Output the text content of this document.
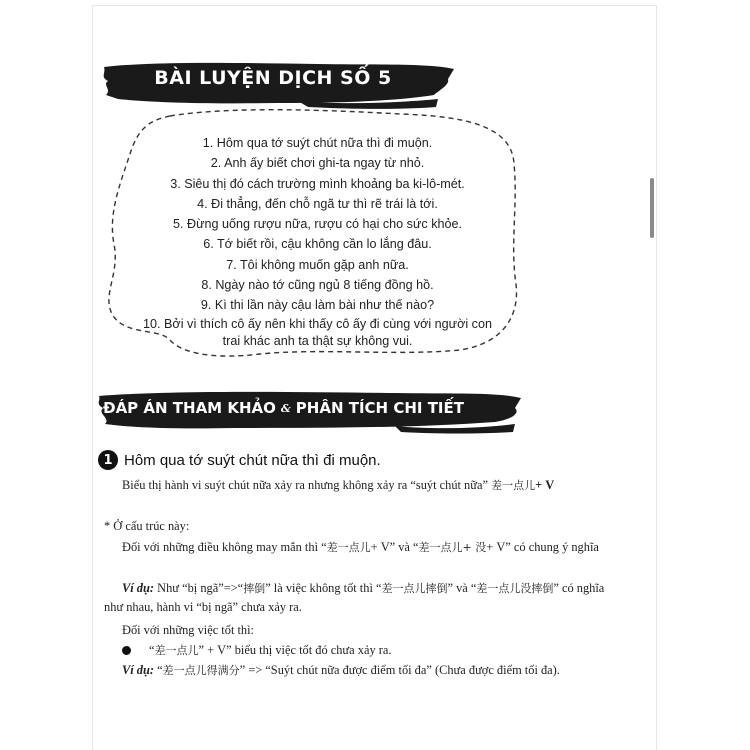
BÀI LUYỆN DỊCH SỐ 5
1. Hôm qua tớ suýt chút nữa thì đi muộn.
2. Anh ấy biết chơi ghi-ta ngay từ nhỏ.
3. Siêu thị đó cách trường mình khoảng ba ki-lô-mét.
4. Đi thẳng, đến chỗ ngã tư thì rẽ trái là tới.
5. Đừng uống rượu nữa, rượu có hại cho sức khỏe.
6. Tớ biết rồi, cậu không cần lo lắng đâu.
7. Tôi không muốn gặp anh nữa.
8. Ngày nào tớ cũng ngủ 8 tiếng đồng hồ.
9. Kì thi lần này cậu làm bài như thế nào?
10. Bởi vì thích cô ấy nên khi thấy cô ấy đi cùng với người con trai khác anh ta thật sự không vui.
ĐÁP ÁN THAM KHẢO & PHÂN TÍCH CHI TIẾT
1 Hôm qua tớ suýt chút nữa thì đi muộn.
Biểu thị hành vi suýt chút nữa xảy ra nhưng không xảy ra “suýt chút nữa” 差一点儿+ V
* Ở cấu trúc này:
Đối với những điều không may mắn thì “差一点儿+ V” và “差一点儿+ 没+ V” có chung ý nghĩa
Ví dụ: Như “bị ngã”=>“摔倒” là việc không tốt thì “差一点儿摔倒” và “差一点儿没摔倒” có nghĩa như nhau, hành vi “bị ngã” chưa xảy ra.
Đối với những việc tốt thì:
“差一点儿” + V” biểu thị việc tốt đó chưa xảy ra.
Ví dụ: “差一点儿得满分” => “Suýt chút nữa được điểm tối đa” (Chưa được điểm tối đa).
